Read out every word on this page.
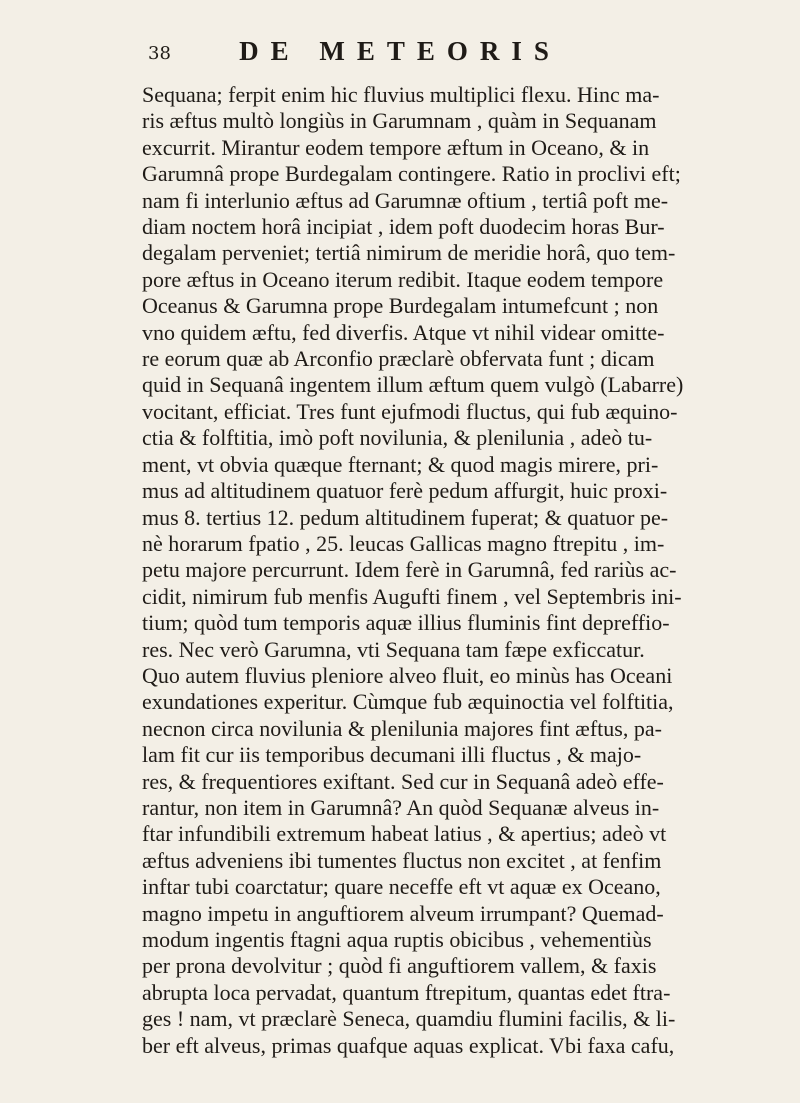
38	DE METEORIS
Sequana; ferpit enim hic fluvius multiplici flexu. Hinc ma-
ris æftus multò longiùs in Garumnam , quàm in Sequanam
excurrit. Mirantur eodem tempore æftum in Oceano, & in
Garumnâ prope Burdegalam contingere. Ratio in proclivi eft;
nam fi interlunio æftus ad Garumnæ oftium , tertiâ poft me-
diam noctem horâ incipiat , idem poft duodecim horas Bur-
degalam perveniet; tertiâ nimirum de meridie horâ, quo tem-
pore æftus in Oceano iterum redibit. Itaque eodem tempore
Oceanus & Garumna prope Burdegalam intumefcunt ; non
vno quidem æftu, fed diverfis. Atque vt nihil videar omitte-
re eorum quæ ab Arconfio præclarè obfervata funt ; dicam
quid in Sequanâ ingentem illum æftum quem vulgò (Labarre)
vocitant, efficiat. Tres funt ejufmodi fluctus, qui fub æquino-
ctia & folftitia, imò poft novilunia, & plenilunia , adeò tu-
ment, vt obvia quæque fternant; & quod magis mirere, pri-
mus ad altitudinem quatuor ferè pedum affurgit, huic proxi-
mus 8. tertius 12. pedum altitudinem fuperat; & quatuor pe-
nè horarum fpatio , 25. leucas Gallicas magno ftrepitu , im-
petu majore percurrunt. Idem ferè in Garumnâ, fed rariùs ac-
cidit, nimirum fub menfis Augufti finem , vel Septembris ini-
tium; quòd tum temporis aquæ illius fluminis fint depreffio-
res. Nec verò Garumna, vti Sequana tam fæpe exficcatur.
Quo autem fluvius pleniore alveo fluit, eo minùs has Oceani
exundationes experitur. Cùmque fub æquinoctia vel folftitia,
necnon circa novilunia & plenilunia majores fint æftus, pa-
lam fit cur iis temporibus decumani illi fluctus , & majo-
res, & frequentiores exiftant. Sed cur in Sequanâ adeò effe-
rantur, non item in Garumnâ? An quòd Sequanæ alveus in-
ftar infundibili extremum habeat latius , & apertius; adeò vt
æftus adveniens ibi tumentes fluctus non excitet , at fenfim
inftar tubi coarctatur; quare neceffe eft vt aquæ ex Oceano,
magno impetu in anguftiorem alveum irrumpant? Quemad-
modum ingentis ftagni aqua ruptis obicibus , vehementiùs
per prona devolvitur ; quòd fi anguftiorem vallem, & faxis
abrupta loca pervadat, quantum ftrepitum, quantas edet ftra-
ges ! nam, vt præclarè Seneca, quamdiu flumini facilis, & li-
ber eft alveus, primas quafque aquas explicat. Vbi faxa cafu,
